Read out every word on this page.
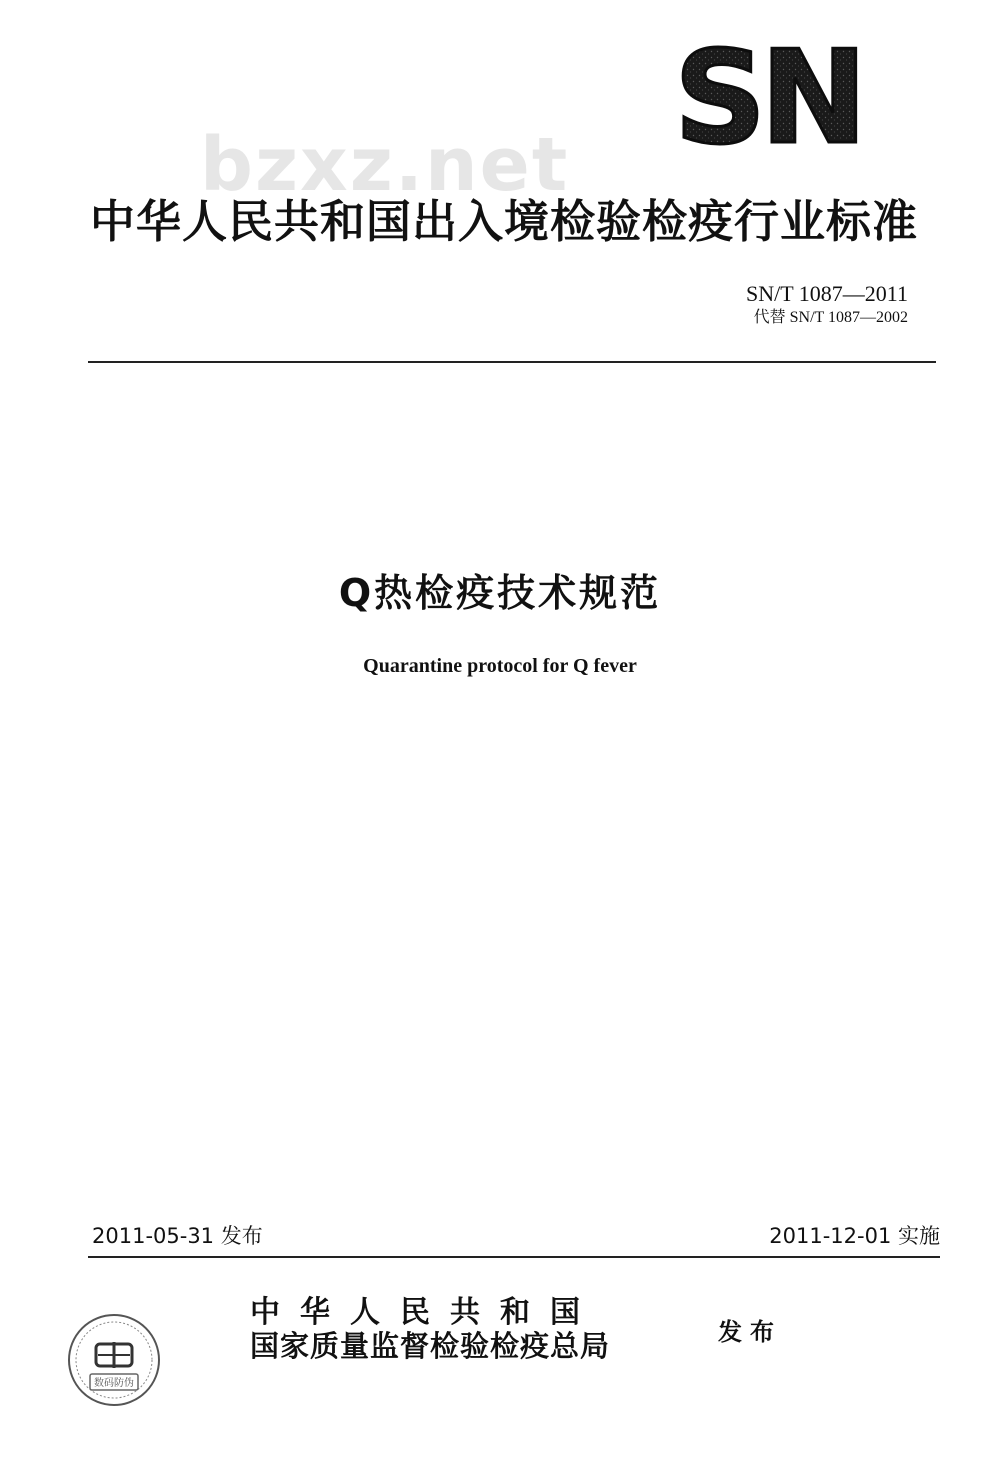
SN
bzxz.net
中华人民共和国出入境检验检疫行业标准
SN/T 1087—2011
代替 SN/T 1087—2002
Q热检疫技术规范
Quarantine protocol for Q fever
2011-05-31 发布	2011-12-01 实施
数码防伪
中华人民共和国
国家质量监督检验检疫总局	发布
